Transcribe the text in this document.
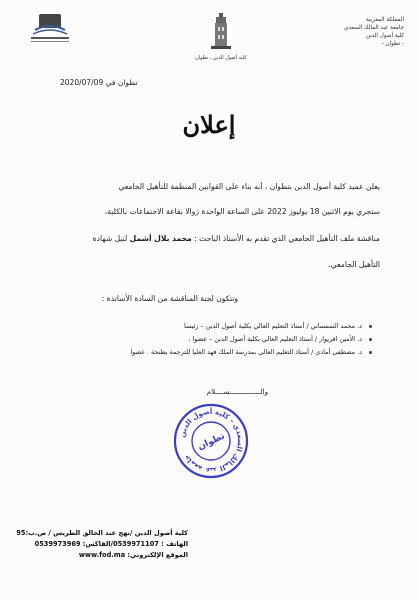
كلية أصول الدين ـ تطوان
المملكة المغربية
جامعة عبد المالك السعدي
كلية أصول الدين
- تطوان -
تطوان في 2020/07/09
إعلان
يعلن عميد كلية أصول الدين بتطوان ، أنه بناء على القوانين المنظمة للتأهيل الجامعي
ستجري يوم الاثنين 18 يوليوز 2022 على الساعة الواحدة زوالا بقاعة الاجتماعات بالكلية،
مناقشة ملف التأهيل الجامعي الذي تقدم به الأستاذ الباحث : محمد بلال أشمل لنيل شهادة
التأهيل الجامعي.
وتتكون لجنة المناقشة من السادة الأساتذة :
د. محمد التمسماني / أستاذ التعليم العالي بكلية أصول الدين – رئيسا
د. الأمين اقريوار / أستاذ التعليم العالي بكلية أصول الدين – عضوا .
د. مصطفى أمادي / أستاذ التعليم العالي بمدرسة الملك فهد العليا للترجمة بطنجة . عضوا
والـــــــــــــــســــلام
جامعة عبد المالك السعدي - كلية أصول الدين
تطوان
كلية أصول الدين /نهج عبد الخالق الطريس / ص.ب:95
الهاتف : 0539971107/الفاكس: 0539973969
الموقع الإلكتروني: www.fod.ma
